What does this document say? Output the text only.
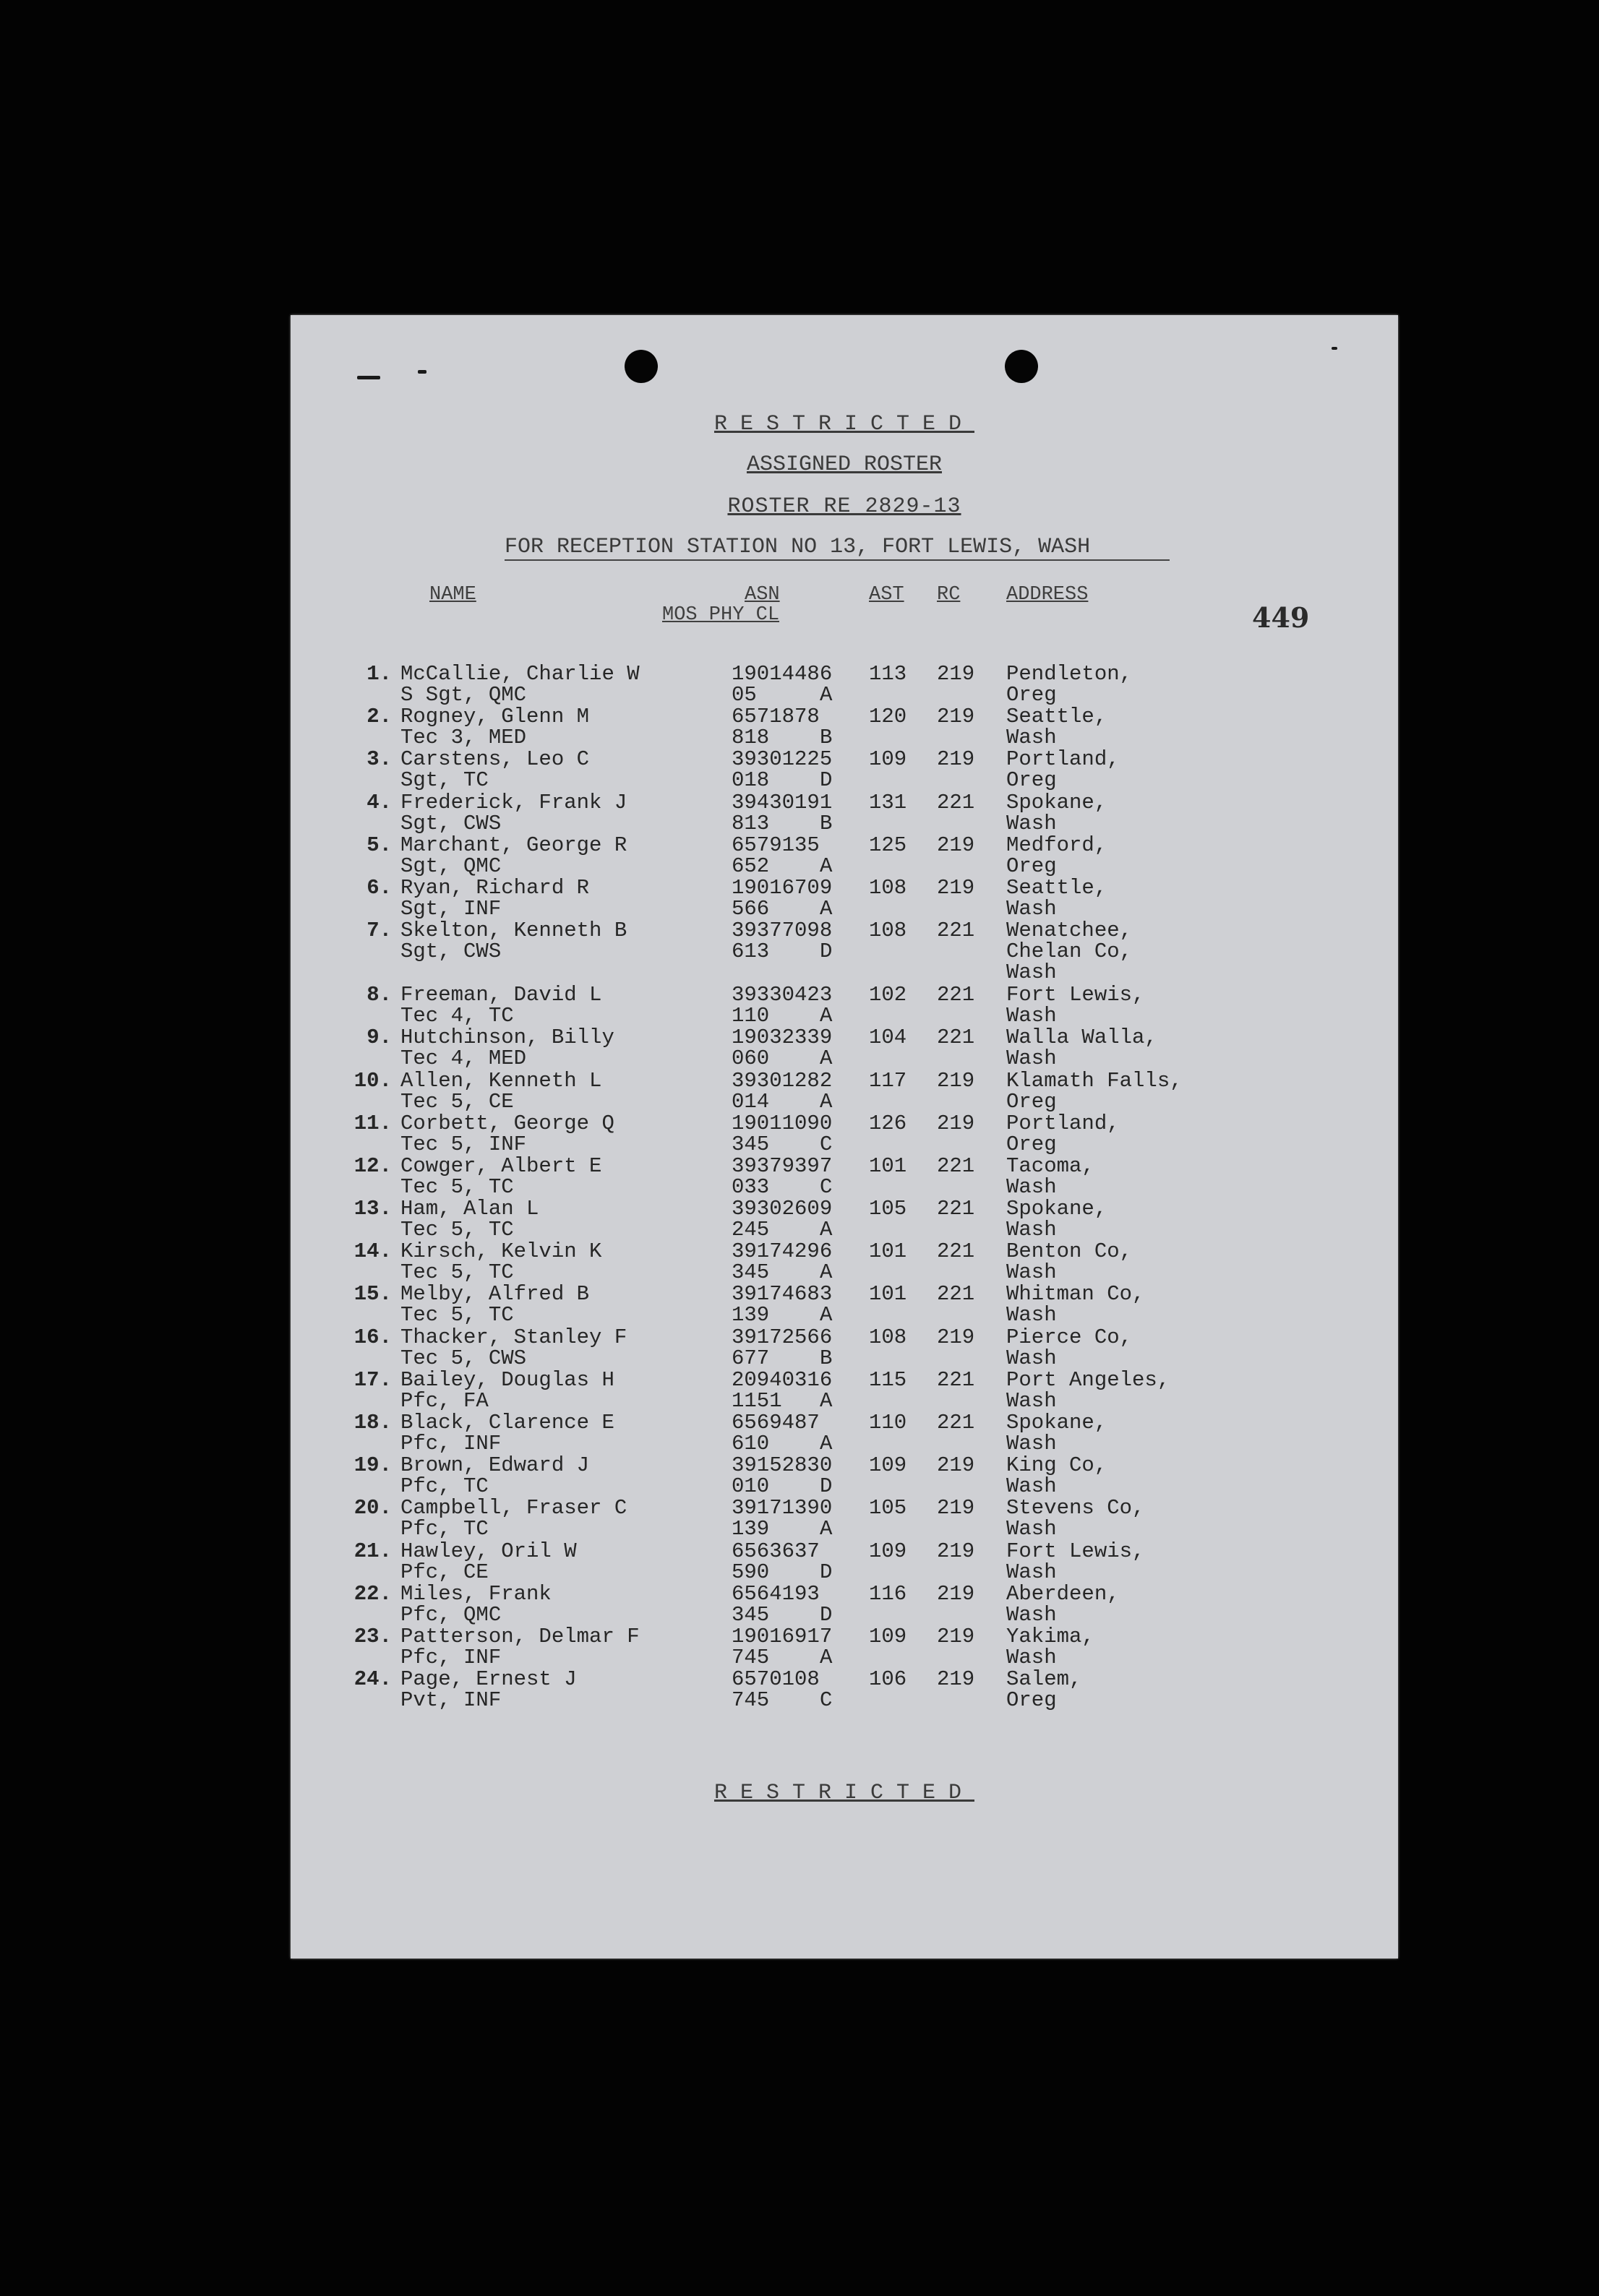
RESTRICTED
ASSIGNED ROSTER
ROSTER RE 2829-13
FOR RECEPTION STATION NO 13, FORT LEWIS, WASH
NAME	ASN
MOS PHY CL
AST RC ADDRESS
449
1. McCallie, Charlie W
S Sgt, QMC
19014486
05	A
113 219 Pendleton,
Oreg
2. Rogney, Glenn M
Tec 3, MED
6571878
818 B
120 219 Seattle,
Wash
3. Carstens, Leo C
Sgt, TC
39301225
018 D
109 219 Portland,
Oreg
4. Frederick, Frank J
Sgt, CWS
39430191
813 B
131 221 Spokane,
Wash
5. Marchant, George R
Sgt, QMC
6579135
652 A
125 219 Medford,
Oreg
6. Ryan, Richard R
Sgt, INF
19016709
566 A
108 219 Seattle,
Wash
7. Skelton, Kenneth B
Sgt, CWS
39377098
613 D
108 221 Wenatchee,
Chelan Co,
Wash
8. Freeman, David L
Tec 4, TC
39330423
110 A
102 221 Fort Lewis,
Wash
9. Hutchinson, Billy
Tec 4, MED
19032339
060 A
104 221 Walla Walla,
Wash
10. Allen, Kenneth L
Tec 5, CE
39301282
014 A
117 219 Klamath Falls,
Oreg
11. Corbett, George Q
Tec 5, INF
19011090
345 C
126 219 Portland,
Oreg
12. Cowger, Albert E
Tec 5, TC
39379397
033 C
101 221 Tacoma,
Wash
13. Ham, Alan L
Tec 5, TC
39302609
245 A
105 221 Spokane,
Wash
14. Kirsch, Kelvin K
Tec 5, TC
39174296
345 A
101 221 Benton Co,
Wash
15. Melby, Alfred B
Tec 5, TC
39174683
139 A
101 221 Whitman Co,
Wash
16. Thacker, Stanley F
Tec 5, CWS
39172566
677 B
108 219 Pierce Co,
Wash
17. Bailey, Douglas H
Pfc, FA
20940316
1151 A
115 221 Port Angeles,
Wash
18. Black, Clarence E
Pfc, INF
6569487
610 A
110 221 Spokane,
Wash
19. Brown, Edward J
Pfc, TC
39152830
010 D
109 219 King Co,
Wash
20. Campbell, Fraser C
Pfc, TC
39171390
139 A
105 219 Stevens Co,
Wash
21. Hawley, Oril W
Pfc, CE
6563637
590 D
109 219 Fort Lewis,
Wash
22. Miles, Frank
Pfc, QMC
6564193
345 D
116 219 Aberdeen,
Wash
23. Patterson, Delmar F
Pfc, INF
19016917
745 A
109 219 Yakima,
Wash
24. Page, Ernest J
Pvt, INF
6570108
745 C
106 219 Salem,
Oreg
RESTRICTED
